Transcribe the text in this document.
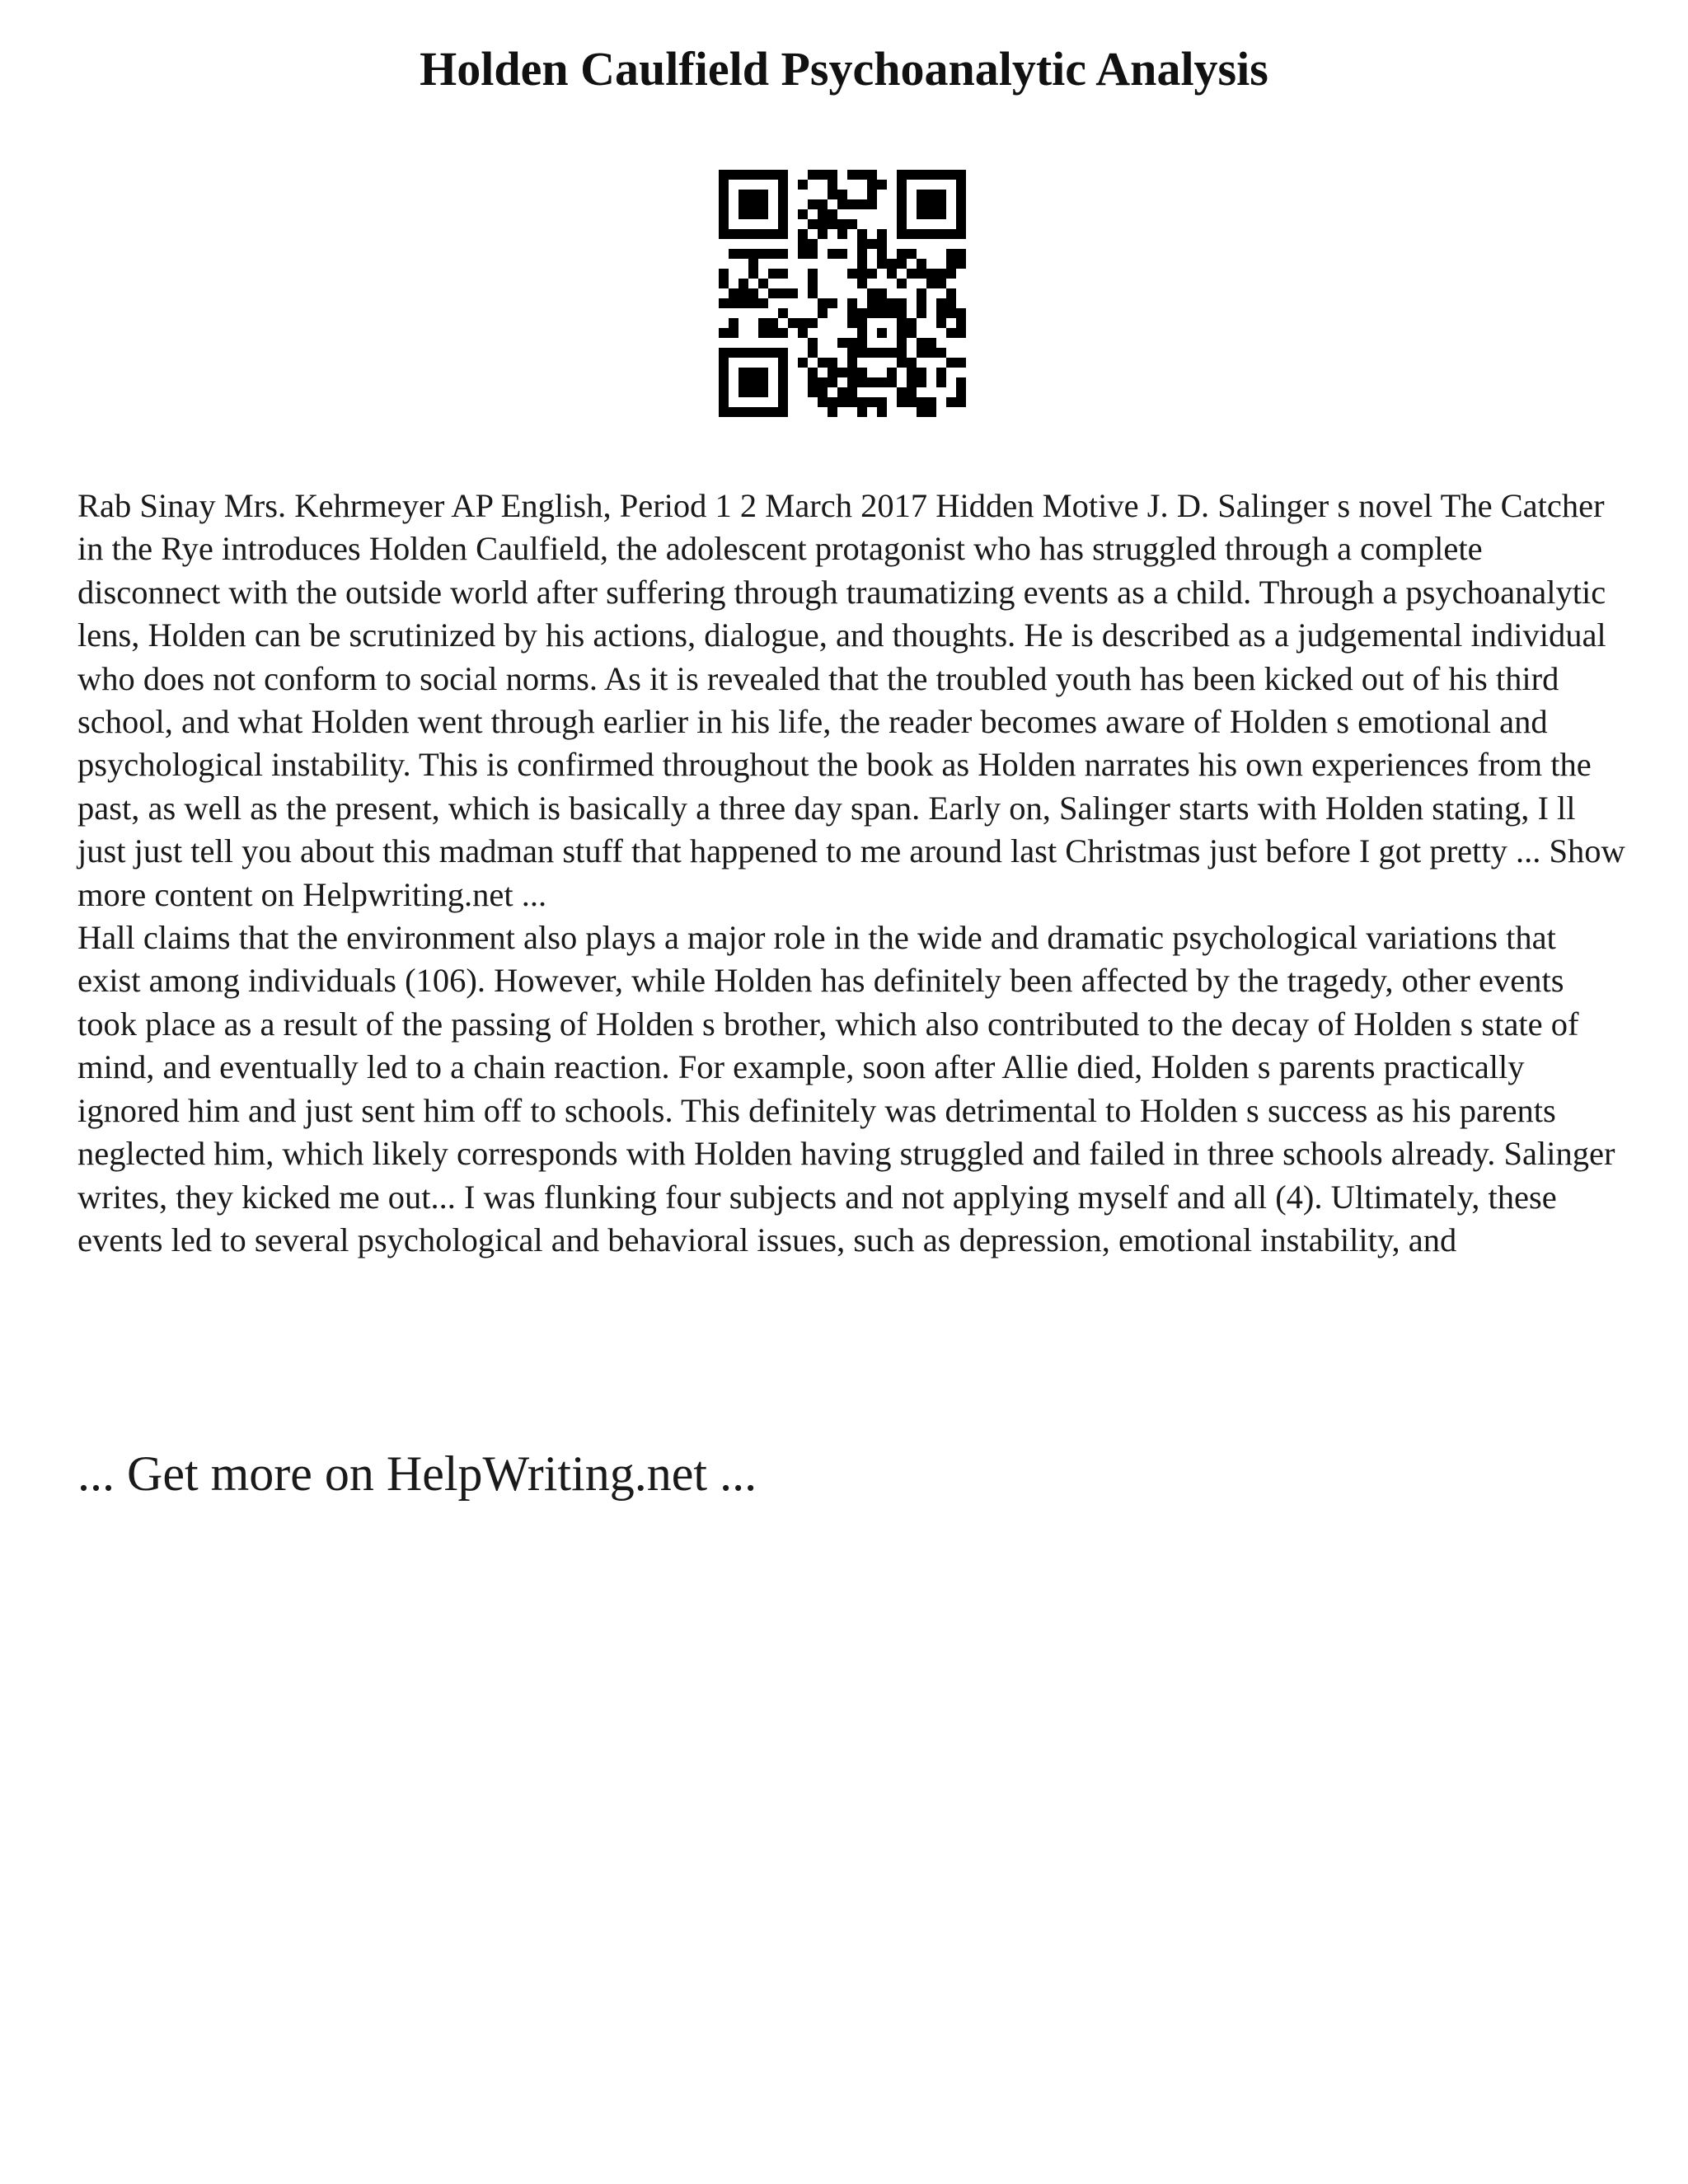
Holden Caulfield Psychoanalytic Analysis

Rab Sinay Mrs. Kehrmeyer AP English, Period 1 2 March 2017 Hidden Motive J. D. Salinger s novel The Catcher in the Rye introduces Holden Caulfield, the adolescent protagonist who has struggled through a complete disconnect with the outside world after suffering through traumatizing events as a child. Through a psychoanalytic lens, Holden can be scrutinized by his actions, dialogue, and thoughts. He is described as a judgemental individual who does not conform to social norms. As it is revealed that the troubled youth has been kicked out of his third school, and what Holden went through earlier in his life, the reader becomes aware of Holden s emotional and psychological instability. This is confirmed throughout the book as Holden narrates his own experiences from the past, as well as the present, which is basically a three day span. Early on, Salinger starts with Holden stating, I ll just just tell you about this madman stuff that happened to me around last Christmas just before I got pretty ... Show more content on Helpwriting.net ...

Hall claims that the environment also plays a major role in the wide and dramatic psychological variations that exist among individuals (106). However, while Holden has definitely been affected by the tragedy, other events took place as a result of the passing of Holden s brother, which also contributed to the decay of Holden s state of mind, and eventually led to a chain reaction. For example, soon after Allie died, Holden s parents practically ignored him and just sent him off to schools. This definitely was detrimental to Holden s success as his parents neglected him, which likely corresponds with Holden having struggled and failed in three schools already. Salinger writes, they kicked me out... I was flunking four subjects and not applying myself and all (4). Ultimately, these events led to several psychological and behavioral issues, such as depression, emotional instability, and

... Get more on HelpWriting.net ...
